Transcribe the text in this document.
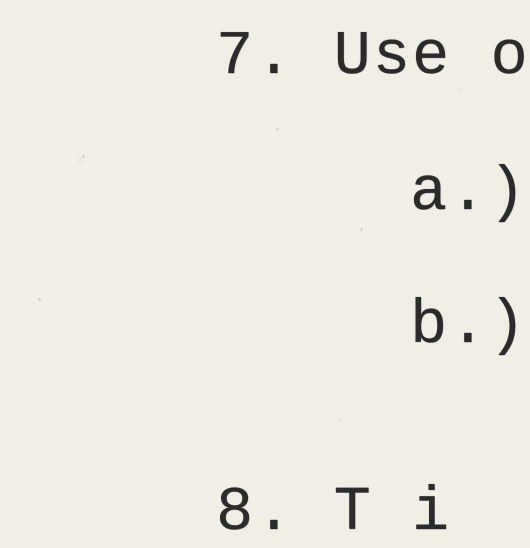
7. Use o
a.)
b.)
8. T i
